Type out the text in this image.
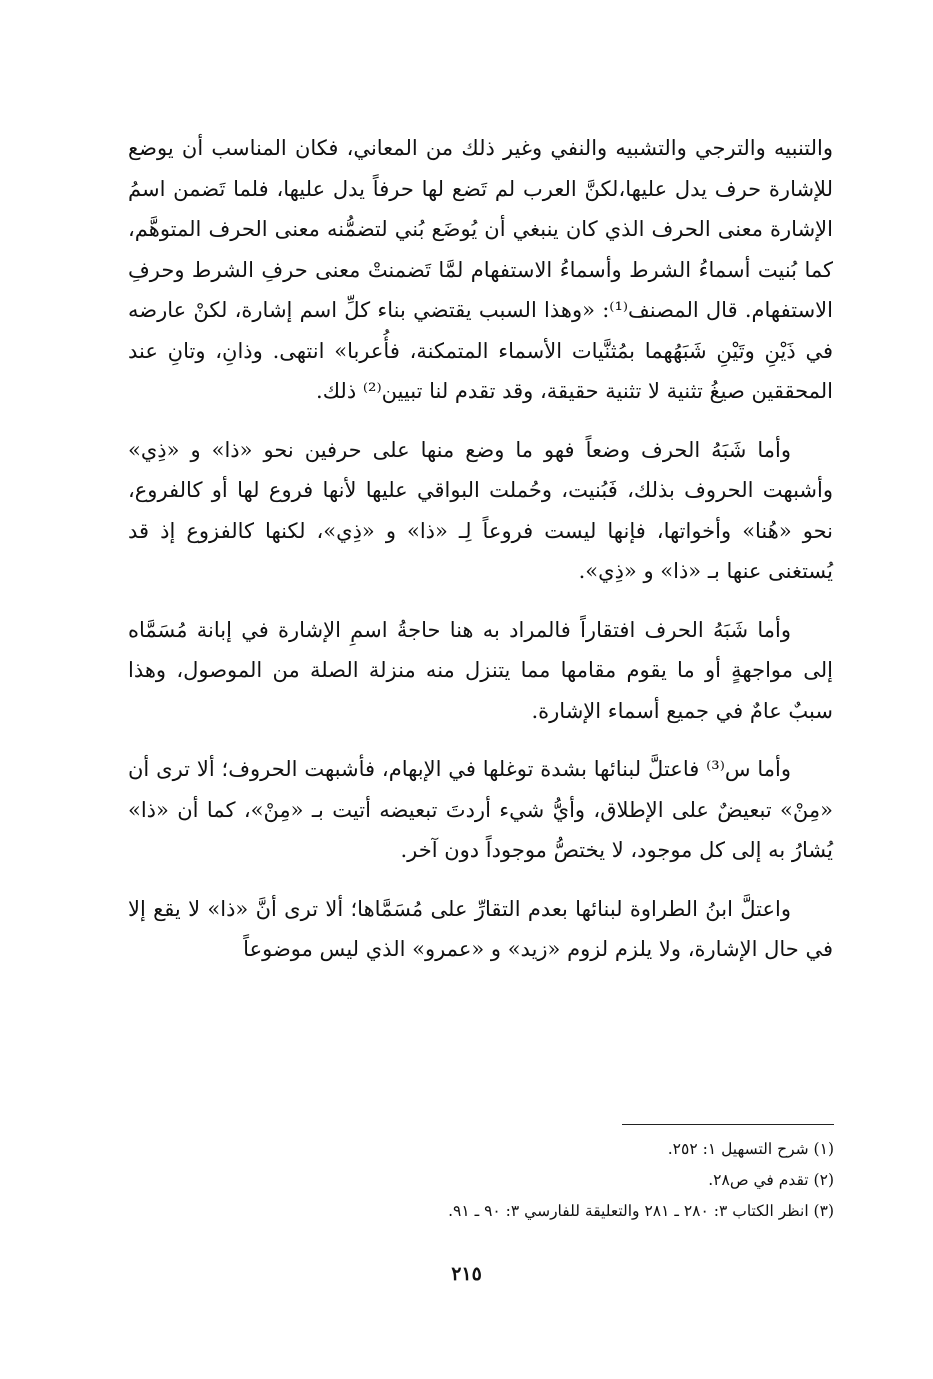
والتنبيه والترجي والتشبيه والنفي وغير ذلك من المعاني، فكان المناسب أن يوضع للإشارة حرف يدل عليها،لكنَّ العرب لم تَضع لها حرفاً يدل عليها، فلما تَضمن اسمُ الإشارة معنى الحرف الذي كان ينبغي أن يُوضَع بُني لتضمُّنه معنى الحرف المتوهَّم، كما بُنيت أسماءُ الشرط وأسماءُ الاستفهام لمَّا تَضمنتْ معنى حرفِ الشرط وحرفِ الاستفهام. قال المصنف⁽¹⁾: «وهذا السبب يقتضي بناء كلِّ اسم إشارة، لكنْ عارضه في ذَيْنِ وتَيْنِ شَبَهُهما بمُثنَّيات الأسماء المتمكنة، فأُعربا» انتهى. وذانِ، وتانِ عند المحققين صيغُ تثنية لا تثنية حقيقة، وقد تقدم لنا تبيين⁽²⁾ ذلك.

وأما شَبَهُ الحرف وضعاً فهو ما وضع منها على حرفين نحو «ذا» و «ذِي» وأشبهت الحروف بذلك، فَبُنيت، وحُملت البواقي عليها لأنها فروع لها أو كالفروع، نحو «هُنا» وأخواتها، فإنها ليست فروعاً لِـ «ذا» و «ذِي»، لكنها كالفزوع إذ قد يُستغنى عنها بـ «ذا» و «ذِي».

وأما شَبَهُ الحرف افتقاراً فالمراد به هنا حاجةُ اسمِ الإشارة في إبانة مُسَمَّاه إلى مواجهةٍ أو ما يقوم مقامها مما يتنزل منه منزلة الصلة من الموصول، وهذا سببٌ عامٌ في جميع أسماء الإشارة.

وأما س⁽³⁾ فاعتلَّ لبنائها بشدة توغلها في الإبهام، فأشبهت الحروف؛ ألا ترى أن «مِنْ» تبعيضٌ على الإطلاق، وأيُّ شيء أردتَ تبعيضه أتيت بـ «مِنْ»، كما أن «ذا» يُشارُ به إلى كل موجود، لا يختصُّ موجوداً دون آخر.

واعتلَّ ابنُ الطراوة لبنائها بعدم التقارِّ على مُسَمَّاها؛ ألا ترى أنَّ «ذا» لا يقع إلا في حال الإشارة، ولا يلزم لزوم «زيد» و «عمرو» الذي ليس موضوعاً

(١) شرح التسهيل ١: ٢٥٢.

(٢) تقدم في ص٢٨.

(٣) انظر الكتاب ٣: ٢٨٠ ـ ٢٨١ والتعليقة للفارسي ٣: ٩٠ ـ ٩١.

٢١٥
